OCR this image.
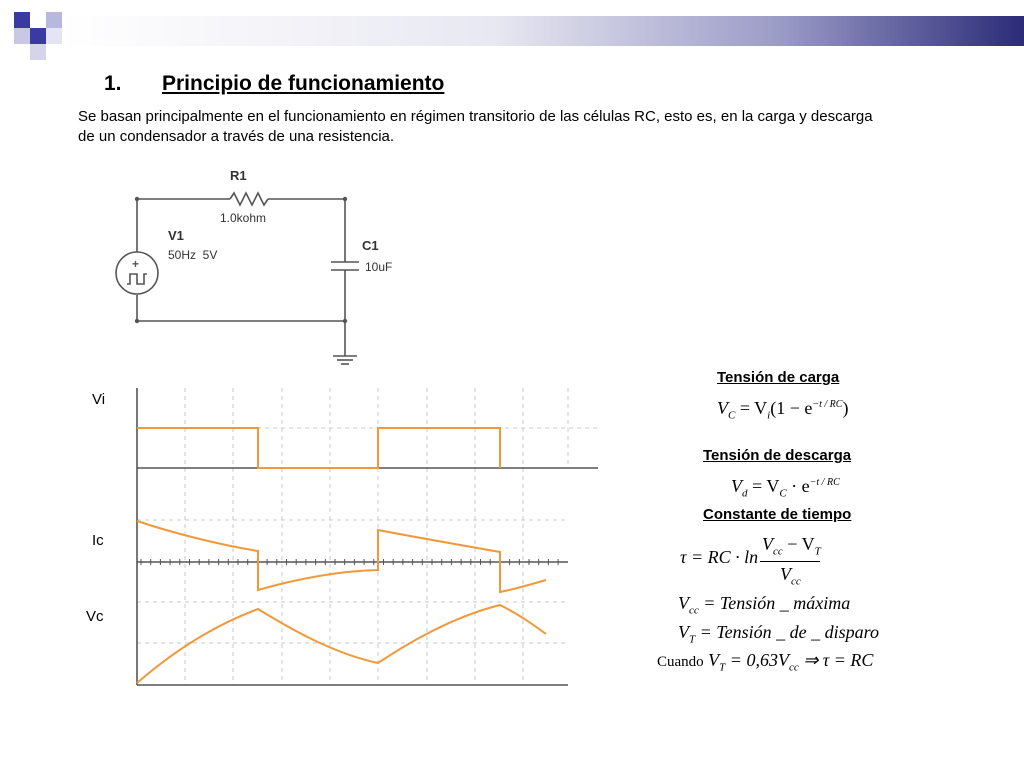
1. Principio de funcionamiento
Se basan principalmente en el funcionamiento en régimen transitorio de las células RC, esto es, en la carga y descarga
de un condensador a través de una resistencia.
+
R1
1.0kohm
V1
50Hz  5V
C1
10uF
Vi
Ic
Vc
Tensión de carga
$V_C = V_i(1 - e^{-t / RC})$
Tensión de descarga
$V_d = V_C \cdot e^{-t / RC}$
Constante de tiempo
τ = RC · ln
$V_{cc} - V_T$
$V_{cc}$
$V_{cc}$ = Tensión _ máxima
$V_T$ = Tensión _ de _ disparo
Cuando $V_T = 0,63V_{cc}$ ⇒ τ = RC
